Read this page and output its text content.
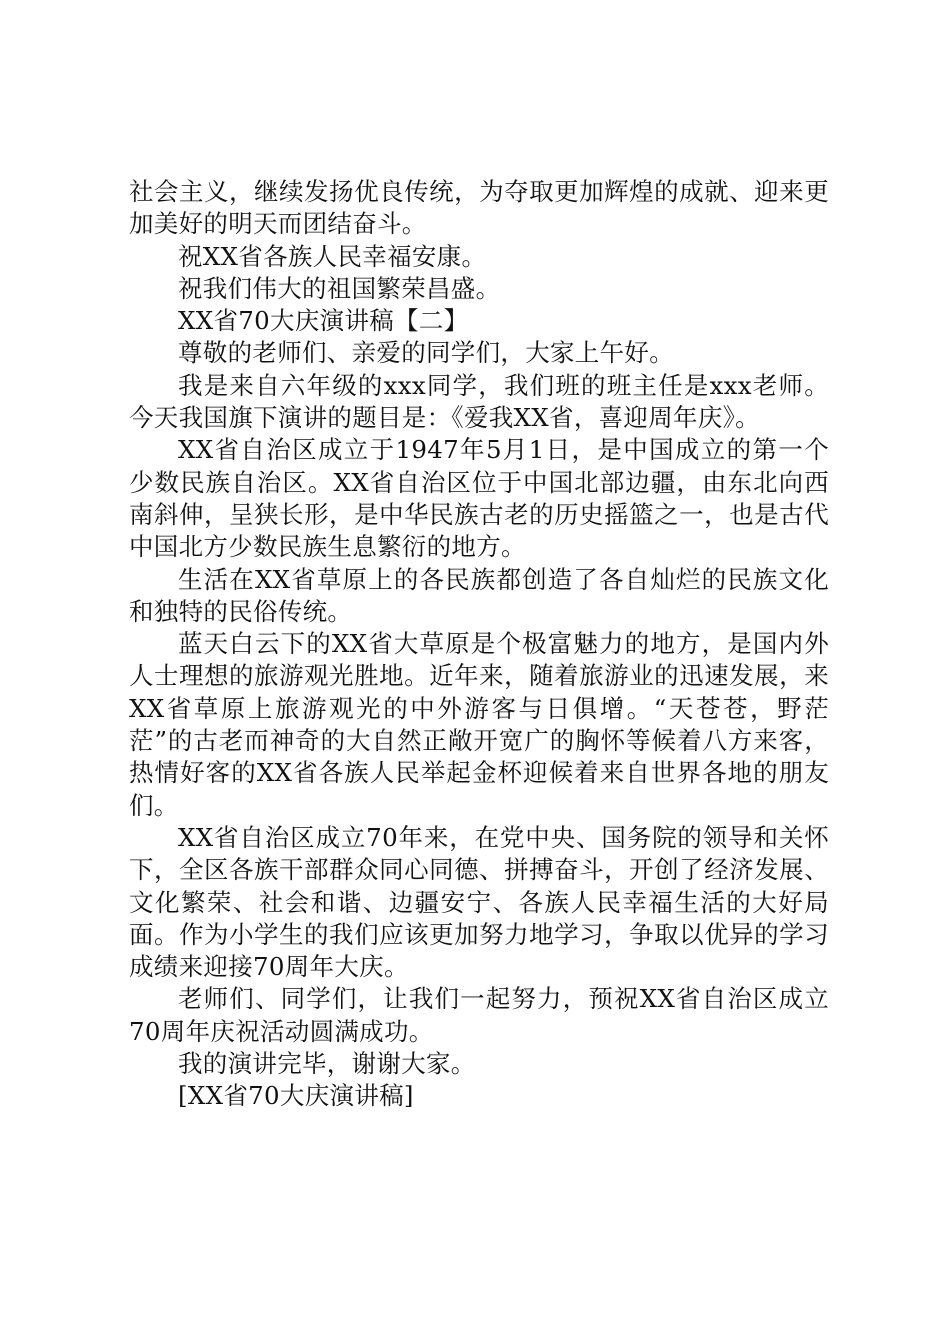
社会主义，继续发扬优良传统，为夺取更加辉煌的成就、迎来更加美好的明天而团结奋斗。

祝XX省各族人民幸福安康。

祝我们伟大的祖国繁荣昌盛。

XX省70大庆演讲稿【二】

尊敬的老师们、亲爱的同学们，大家上午好。

我是来自六年级的xxx同学，我们班的班主任是xxx老师。今天我国旗下演讲的题目是：《爱我XX省，喜迎周年庆》。

XX省自治区成立于1947年5月1日，是中国成立的第一个少数民族自治区。XX省自治区位于中国北部边疆，由东北向西南斜伸，呈狭长形，是中华民族古老的历史摇篮之一，也是古代中国北方少数民族生息繁衍的地方。

生活在XX省草原上的各民族都创造了各自灿烂的民族文化和独特的民俗传统。

蓝天白云下的XX省大草原是个极富魅力的地方，是国内外人士理想的旅游观光胜地。近年来，随着旅游业的迅速发展，来XX省草原上旅游观光的中外游客与日俱增。“天苍苍，野茫茫”的古老而神奇的大自然正敞开宽广的胸怀等候着八方来客，热情好客的XX省各族人民举起金杯迎候着来自世界各地的朋友们。

XX省自治区成立70年来，在党中央、国务院的领导和关怀下，全区各族干部群众同心同德、拼搏奋斗，开创了经济发展、文化繁荣、社会和谐、边疆安宁、各族人民幸福生活的大好局面。作为小学生的我们应该更加努力地学习，争取以优异的学习成绩来迎接70周年大庆。

老师们、同学们，让我们一起努力，预祝XX省自治区成立70周年庆祝活动圆满成功。

我的演讲完毕，谢谢大家。

[XX省70大庆演讲稿]
